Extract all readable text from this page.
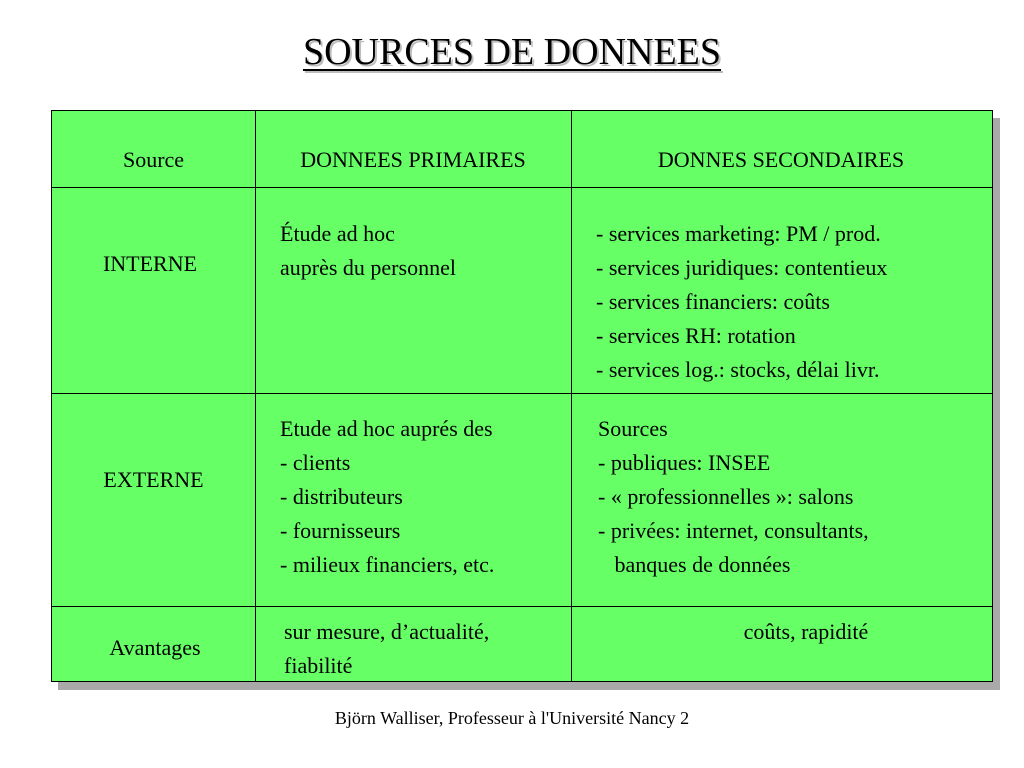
SOURCES DE DONNEES
Source	DONNEES PRIMAIRES	DONNES SECONDAIRES
INTERNE
Étude ad hoc
auprès du personnel
- services marketing: PM / prod.
- services juridiques: contentieux
- services financiers: coûts
- services RH: rotation
- services log.: stocks, délai livr.
EXTERNE
Etude ad hoc auprés des
- clients
- distributeurs
- fournisseurs
- milieux financiers, etc.
Sources
- publiques: INSEE
- « professionnelles »: salons
- privées: internet, consultants,
banques de données
Avantages
sur mesure, d’actualité,
fiabilité
coûts, rapidité
Björn Walliser, Professeur à l'Université Nancy 2
